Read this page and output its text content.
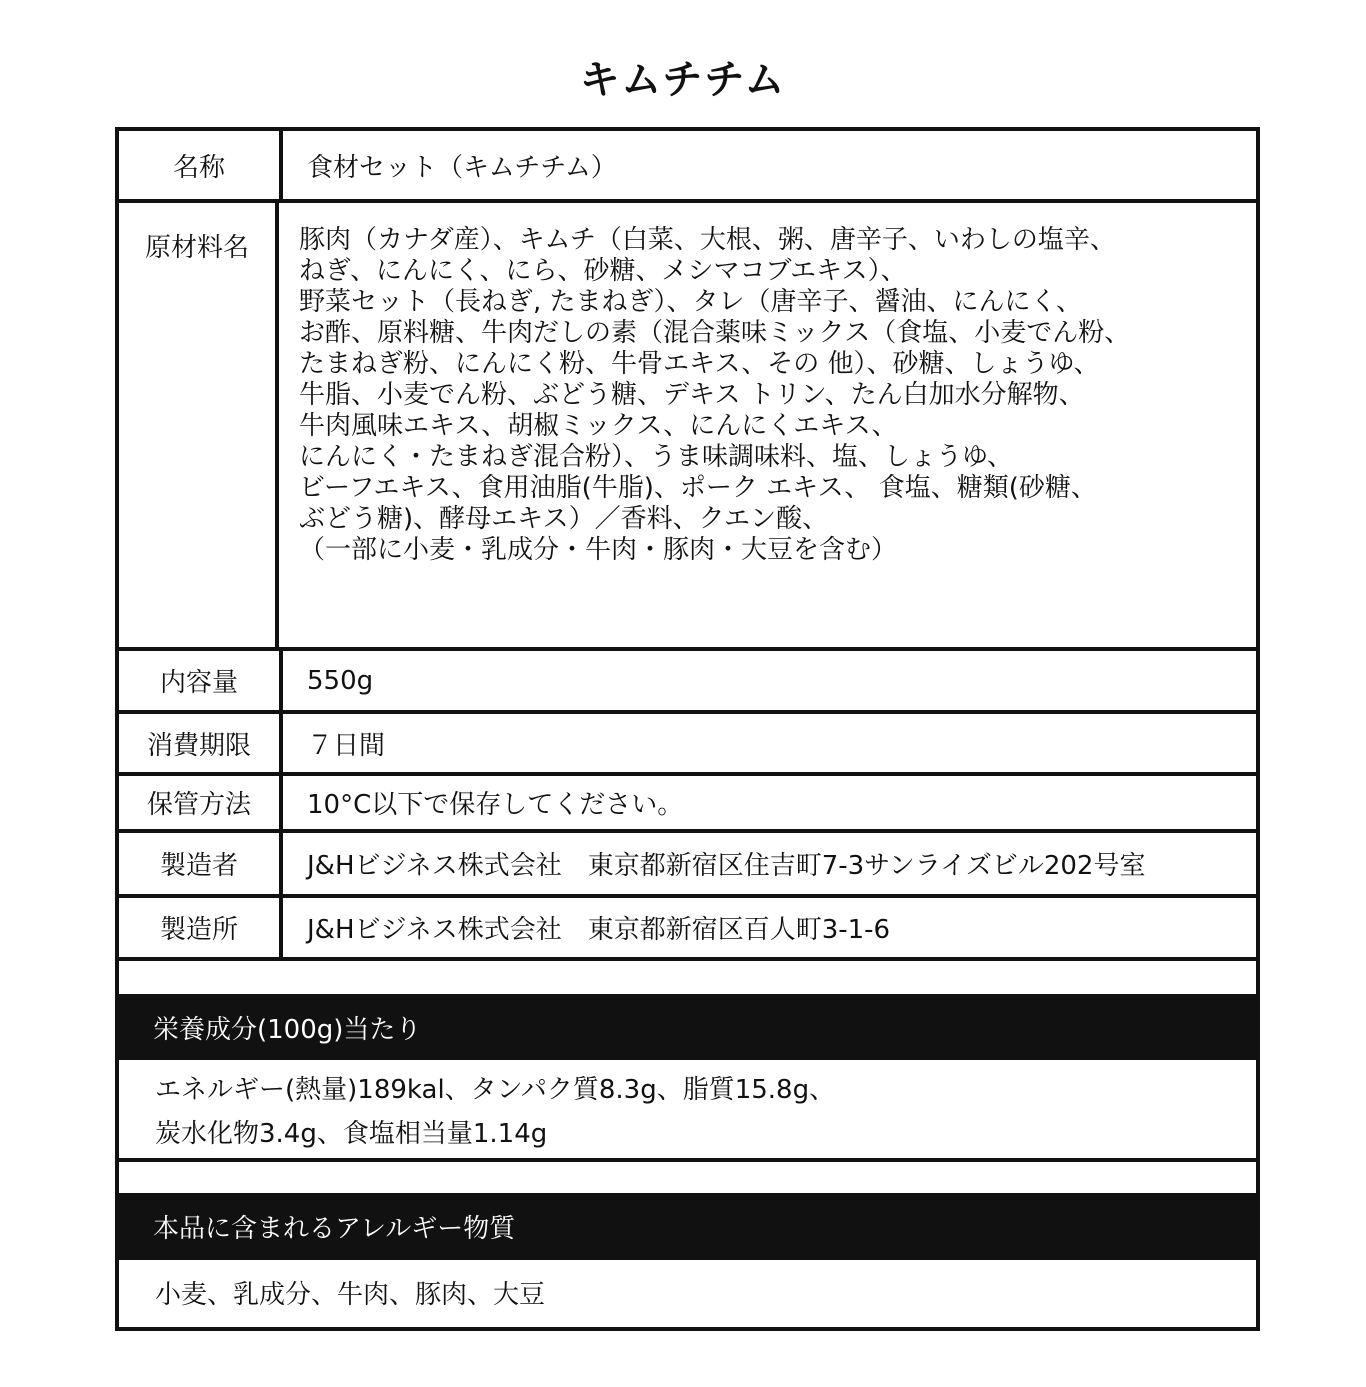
キムチチム
名称	食材セット（キムチチム）
原材料名	豚肉（カナダ産）、キムチ（白菜、大根、粥、唐辛子、いわしの塩辛、
ねぎ、にんにく、にら、砂糖、メシマコブエキス）、
野菜セット（長ねぎ, たまねぎ）、タレ（唐辛子、醤油、にんにく、
お酢、原料糖、牛肉だしの素（混合薬味ミックス（食塩、小麦でん粉、
たまねぎ粉、にんにく粉、牛骨エキス、その 他）、砂糖、しょうゆ、
牛脂、小麦でん粉、ぶどう糖、デキス トリン、たん白加水分解物、
牛肉風味エキス、胡椒ミックス、にんにくエキス、
にんにく・たまねぎ混合粉）、うま味調味料、塩、しょうゆ、
ビーフエキス、食用油脂(牛脂)、ポーク エキス、 食塩、糖類(砂糖、
ぶどう糖)、酵母エキス）／香料、クエン酸、
（一部に小麦・乳成分・牛肉・豚肉・大豆を含む）
内容量	550g
消費期限	７日間
保管方法	10°C以下で保存してください。
製造者	J&Hビジネス株式会社　東京都新宿区住吉町7-3サンライズビル202号室
製造所	J&Hビジネス株式会社　東京都新宿区百人町3-1-6
栄養成分(100g)当たり
エネルギー(熱量)189kal、タンパク質8.3g、脂質15.8g、
炭水化物3.4g、食塩相当量1.14g
本品に含まれるアレルギー物質
小麦、乳成分、牛肉、豚肉、大豆
